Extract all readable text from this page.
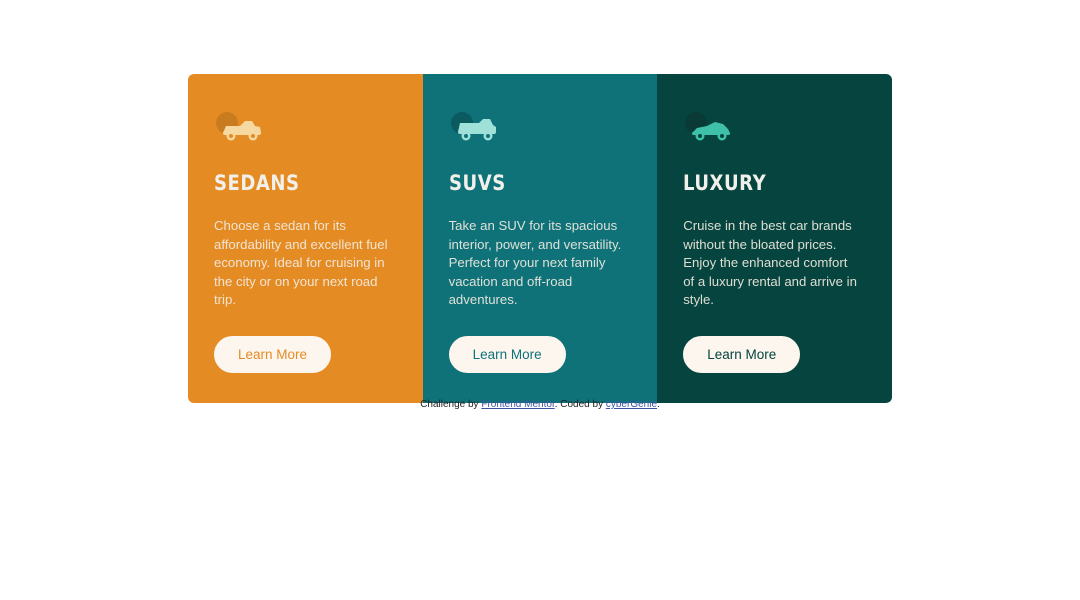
SEDANS

Choose a sedan for its affordability and excellent fuel economy. Ideal for cruising in the city or on your next road trip.

Learn More
SUVS

Take an SUV for its spacious interior, power, and versatility. Perfect for your next family vacation and off-road adventures.

Learn More
LUXURY

Cruise in the best car brands without the bloated prices. Enjoy the enhanced comfort of a luxury rental and arrive in style.

Learn More
Challenge by Frontend Mentor. Coded by cyberGenie.
